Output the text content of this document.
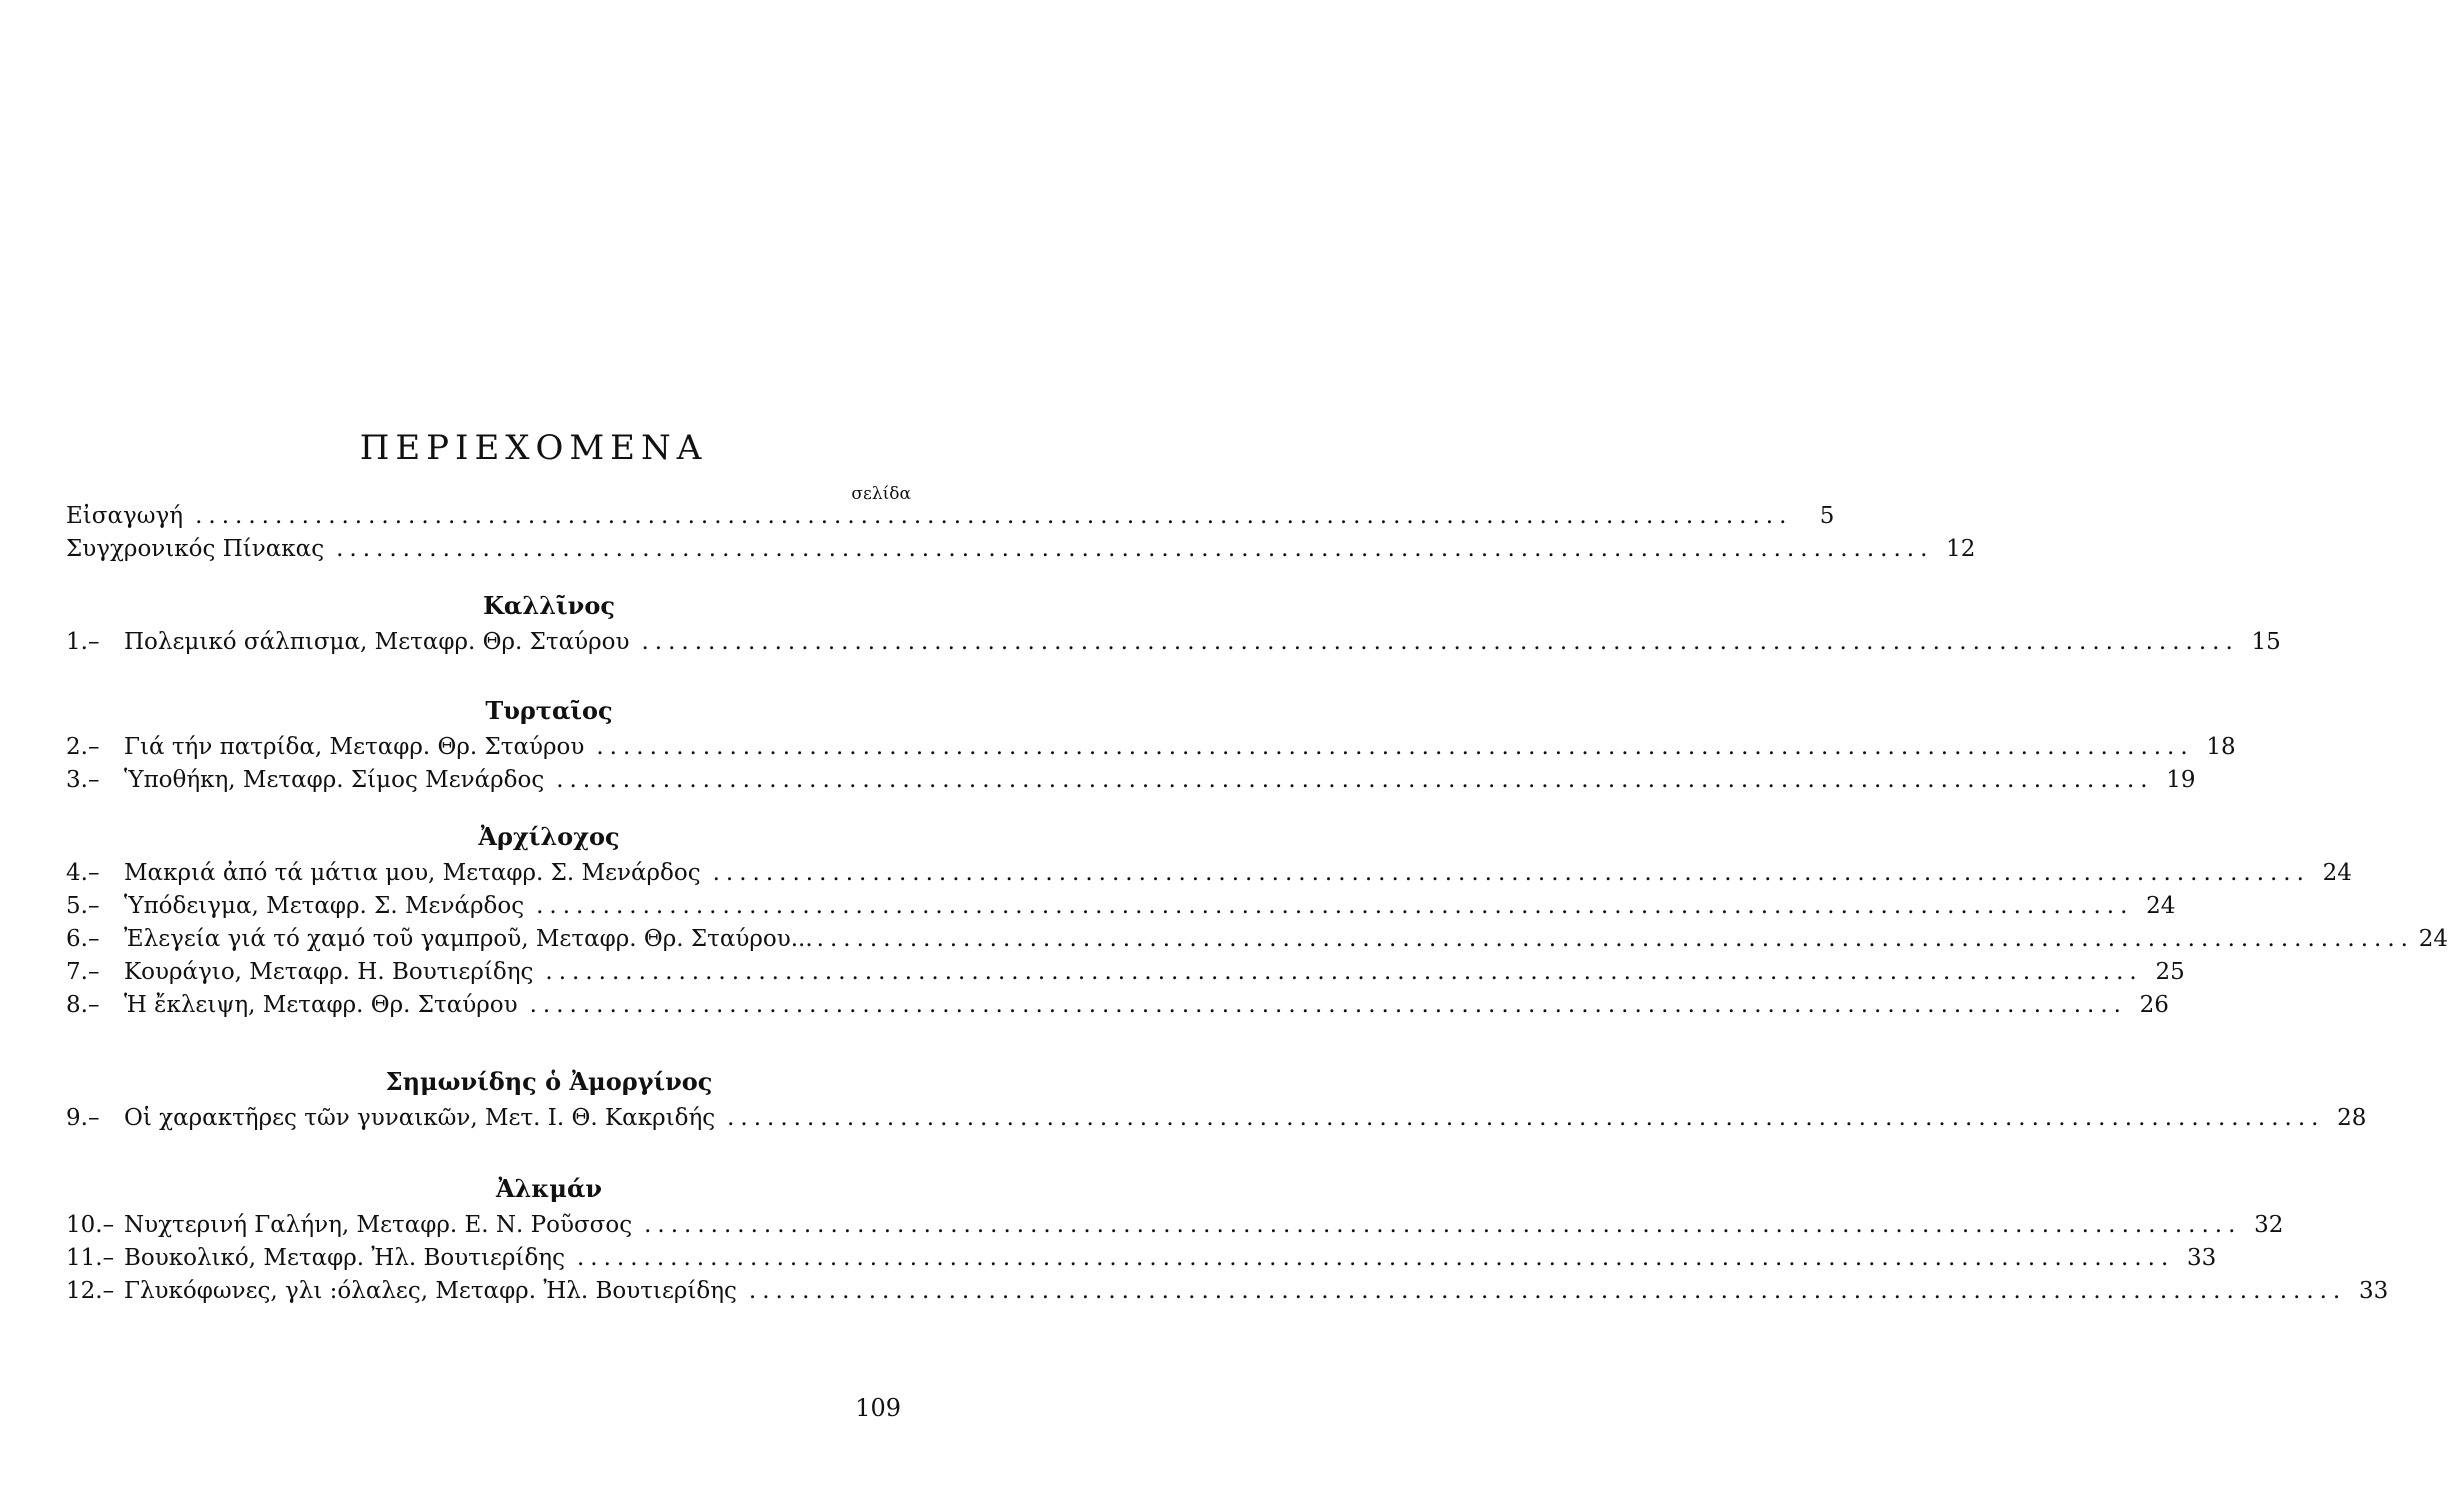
ΠΕΡΙΕΧΟΜΕΝΑ
σελίδα
Εἰσαγωγή ........................................................................................................................	5
Συγχρονικός Πίνακας ........................................................................................................................ 12
Καλλῖνος
1.–	Πολεμικό σάλπισμα, Μεταφρ. Θρ. Σταύρου ........................................................................................................................ 15
Τυρταῖος
2.–	Γιά τήν πατρίδα, Μεταφρ. Θρ. Σταύρου ........................................................................................................................ 18
3.–	Ὑποθήκη, Μεταφρ. Σίμος Μενάρδος ........................................................................................................................ 19
Ἀρχίλοχος
4.–	Μακριά ἀπό τά μάτια μου, Μεταφρ. Σ. Μενάρδος ........................................................................................................................ 24
5.–	Ὑπόδειγμα, Μεταφρ. Σ. Μενάρδος ........................................................................................................................ 24
6.–	Ἐλεγεία γιά τό χαμό τοῦ γαμπροῦ, Μεταφρ. Θρ. Σταύρου... ........................................................................................................................ 24
7.–	Κουράγιο, Μεταφρ. Η. Βουτιερίδης ........................................................................................................................ 25
8.–	Ἡ ἔκλειψη, Μεταφρ. Θρ. Σταύρου ........................................................................................................................ 26
Σημωνίδης ὁ Ἀμοργίνος
9.–	Οἱ χαρακτῆρες τῶν γυναικῶν, Μετ. Ι. Θ. Κακριδής ........................................................................................................................ 28
Ἀλκμάν
10.– Νυχτερινή Γαλήνη, Μεταφρ. Ε. Ν. Ροῦσσος ........................................................................................................................ 32
11.– Βουκολικό, Μεταφρ. Ἠλ. Βουτιερίδης ........................................................................................................................ 33
12.– Γλυκόφωνες, γλι :όλαλες, Μεταφρ. Ἠλ. Βουτιερίδης ........................................................................................................................ 33
109
